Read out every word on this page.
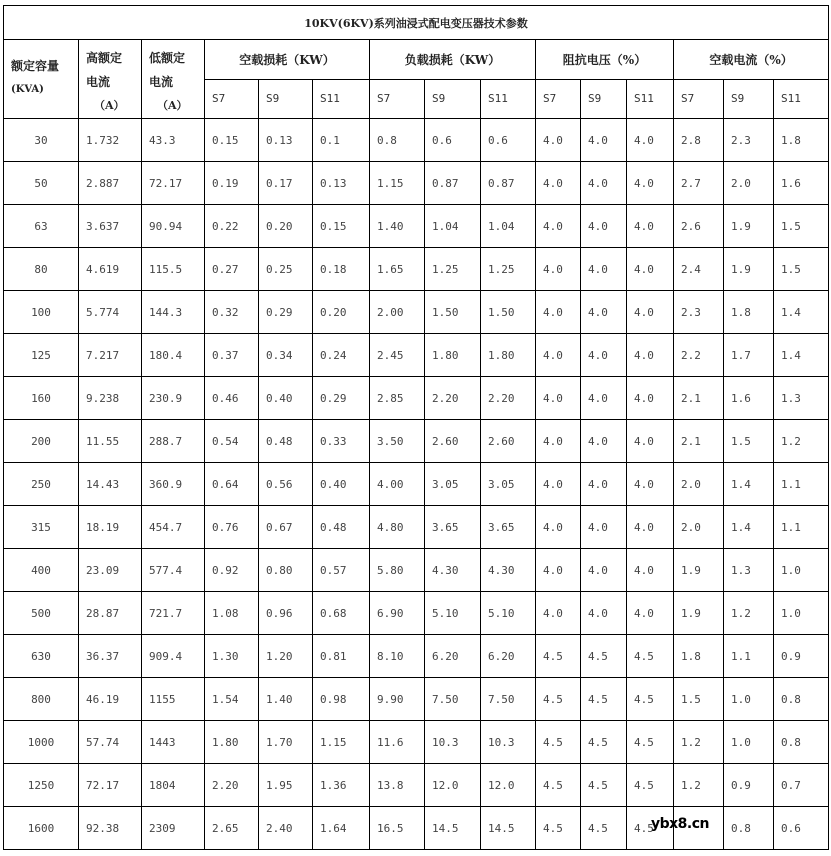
10KV(6KV)系列油浸式配电变压器技术参数														

额定容量
(KVA)	高额定
电流
（A）	低额定
电流
（A）	空载损耗（KW）			负载损耗（KW）			阻抗电压（%）			空载电流（%）		
			S7	S9	S11	S7	S9	S11	S7	S9	S11	S7	S9	S11
30	1.732	43.3	0.15	0.13	0.1	0.8	0.6	0.6	4.0	4.0	4.0	2.8	2.3	1.8
50	2.887	72.17	0.19	0.17	0.13	1.15	0.87	0.87	4.0	4.0	4.0	2.7	2.0	1.6
63	3.637	90.94	0.22	0.20	0.15	1.40	1.04	1.04	4.0	4.0	4.0	2.6	1.9	1.5
80	4.619	115.5	0.27	0.25	0.18	1.65	1.25	1.25	4.0	4.0	4.0	2.4	1.9	1.5
100	5.774	144.3	0.32	0.29	0.20	2.00	1.50	1.50	4.0	4.0	4.0	2.3	1.8	1.4
125	7.217	180.4	0.37	0.34	0.24	2.45	1.80	1.80	4.0	4.0	4.0	2.2	1.7	1.4
160	9.238	230.9	0.46	0.40	0.29	2.85	2.20	2.20	4.0	4.0	4.0	2.1	1.6	1.3
200	11.55	288.7	0.54	0.48	0.33	3.50	2.60	2.60	4.0	4.0	4.0	2.1	1.5	1.2
250	14.43	360.9	0.64	0.56	0.40	4.00	3.05	3.05	4.0	4.0	4.0	2.0	1.4	1.1
315	18.19	454.7	0.76	0.67	0.48	4.80	3.65	3.65	4.0	4.0	4.0	2.0	1.4	1.1
400	23.09	577.4	0.92	0.80	0.57	5.80	4.30	4.30	4.0	4.0	4.0	1.9	1.3	1.0
500	28.87	721.7	1.08	0.96	0.68	6.90	5.10	5.10	4.0	4.0	4.0	1.9	1.2	1.0
630	36.37	909.4	1.30	1.20	0.81	8.10	6.20	6.20	4.5	4.5	4.5	1.8	1.1	0.9
800	46.19	1155	1.54	1.40	0.98	9.90	7.50	7.50	4.5	4.5	4.5	1.5	1.0	0.8
1000	57.74	1443	1.80	1.70	1.15	11.6	10.3	10.3	4.5	4.5	4.5	1.2	1.0	0.8
1250	72.17	1804	2.20	1.95	1.36	13.8	12.0	12.0	4.5	4.5	4.5	1.2	0.9	0.7
1600	92.38	2309	2.65	2.40	1.64	16.5	14.5	14.5	4.5	4.5	4.5		0.8	0.6
ybx8.cn
